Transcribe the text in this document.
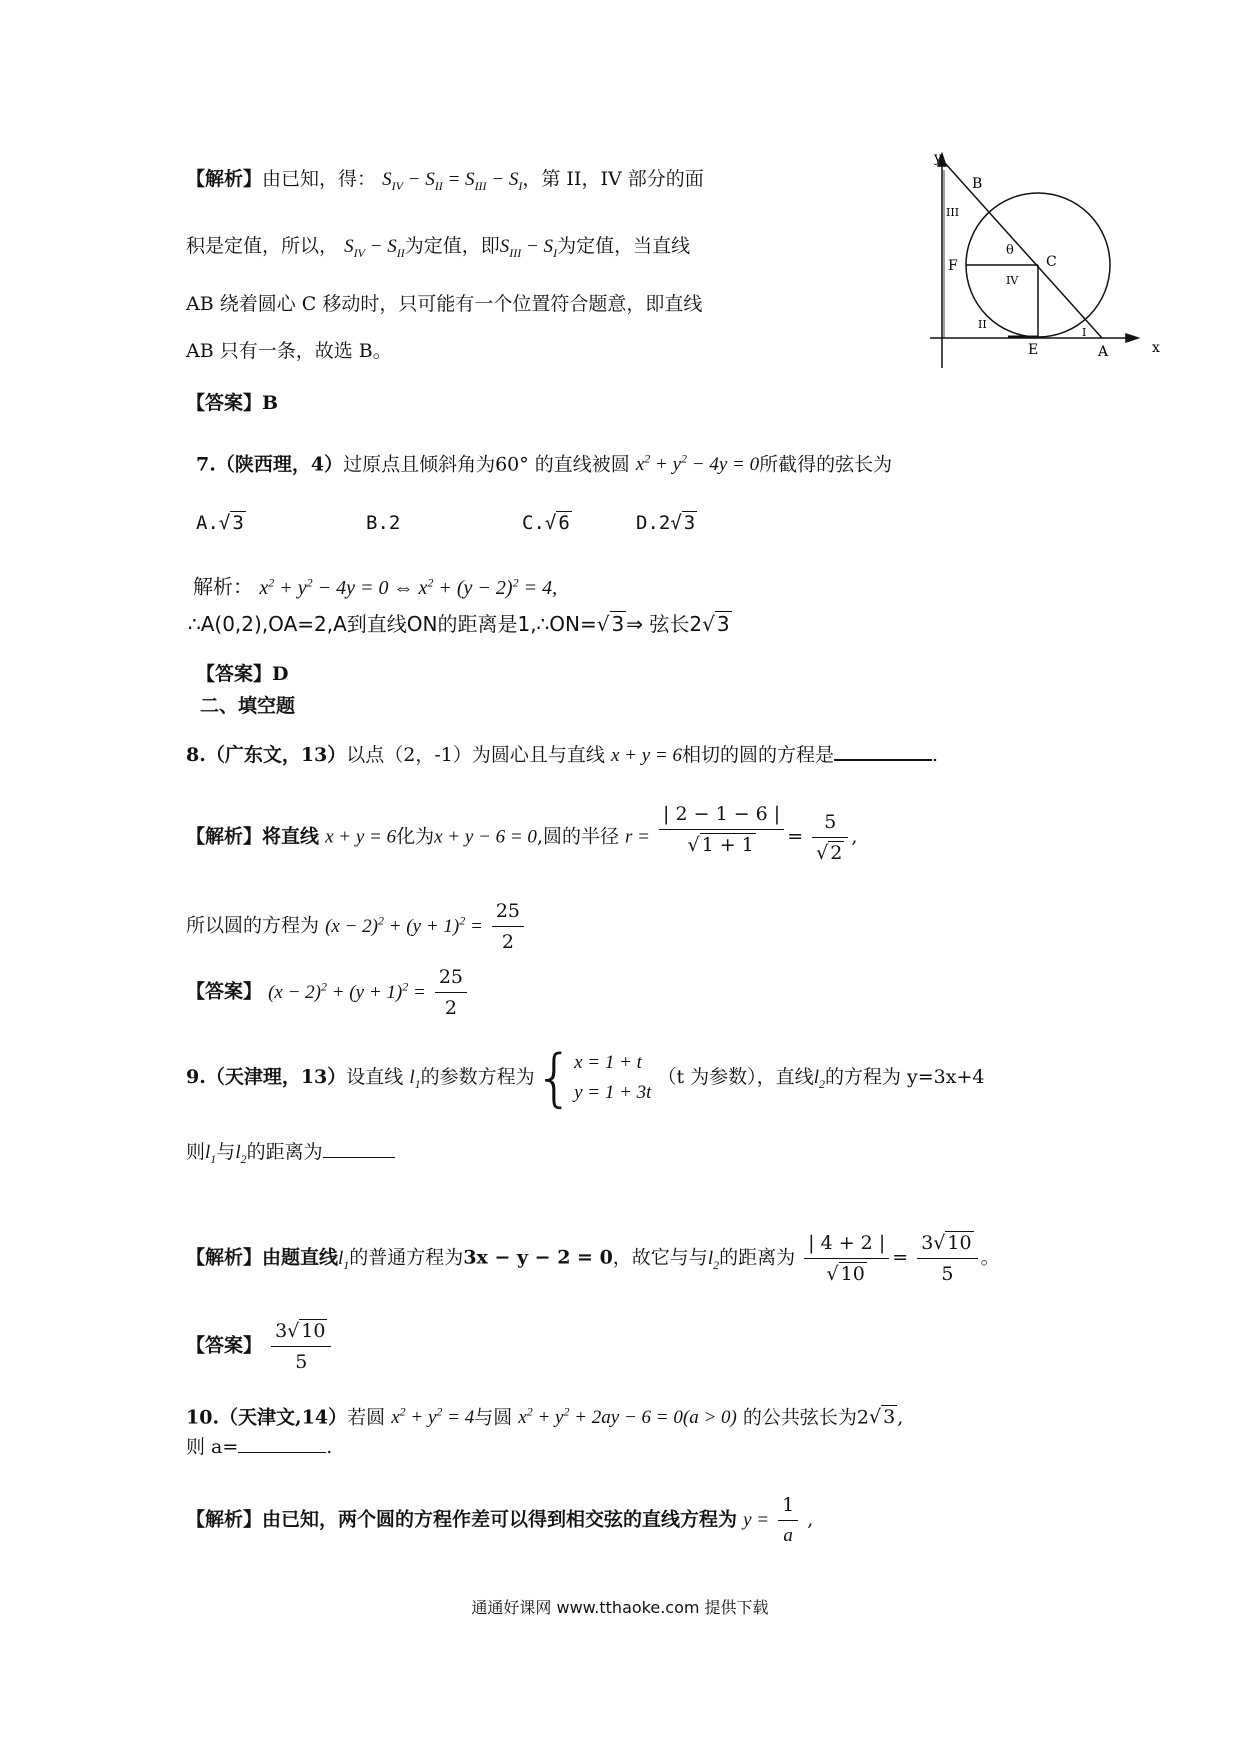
【解析】由已知，得： $S_{IV} - S_{II} = S_{III} - S_I$，第 II，IV 部分的面
积是定值，所以， $S_{IV} - S_{II}$为定值，即$S_{III} - S_I$为定值，当直线
AB 绕着圆心 C 移动时，只可能有一个位置符合题意，即直线
AB 只有一条，故选 B。
【答案】B
y
x
B
C
F
E	A
θ
III
IV
II
I
7.（陕西理，4）过原点且倾斜角为60° 的直线被圆 $x^2 + y^2 - 4y = 0$所截得的弦长为
A.√ 3	B.2	C.√ 6	D.2√ 3
解析： $x^2 + y^2 - 4y = 0$ ⇔ $x^2 + (y - 2)^2 = 4$,
∴A(0,2),OA=2,A到直线ON的距离是1,∴ON=√ 3 ⇒ 弦长2√ 3
【答案】D
二、填空题
8.（广东文，13）以点（2，-1）为圆心且与直线 x + y = 6相切的圆的方程是	.
【解析】将直线 x + y = 6化为x + y − 6 = 0,圆的半径 $r = \frac{| 2 - 1 - 6 |}{√ 1 + 1} = \frac{5}{√ 2}$ ,
所以圆的方程为 $(x - 2)^2 + (y + 1)^2 = \frac{25}{2}$
【答案】 $(x - 2)^2 + (y + 1)^2 = \frac{25}{2}$
9.（天津理，13）设直线 $l_1$的参数方程为{x = 1 + t
y = 1 + 3t （t 为参数），直线$l_2$的方程为 y=3x+4
则$l_1$与$l_2$的距离为
【解析】由题直线$l_1$的普通方程为3x − y − 2 = 0，故它与与$l_2$的距离为 $\frac{| 4 + 2 |}{√ 10} = \frac{3√ 10}{5}$ 。
【答案】 $\frac{3√ 10}{5}$
10.（天津文,14）若圆 $x^2 + y^2 = 4$与圆 $x^2 + y^2 + 2ay - 6 = 0(a > 0)$ 的公共弦长为2√ 3 ,
则 a=	.
【解析】由已知，两个圆的方程作差可以得到相交弦的直线方程为 $y = \frac{1}{a}$ ,
通通好课网 www.tthaoke.com 提供下载
